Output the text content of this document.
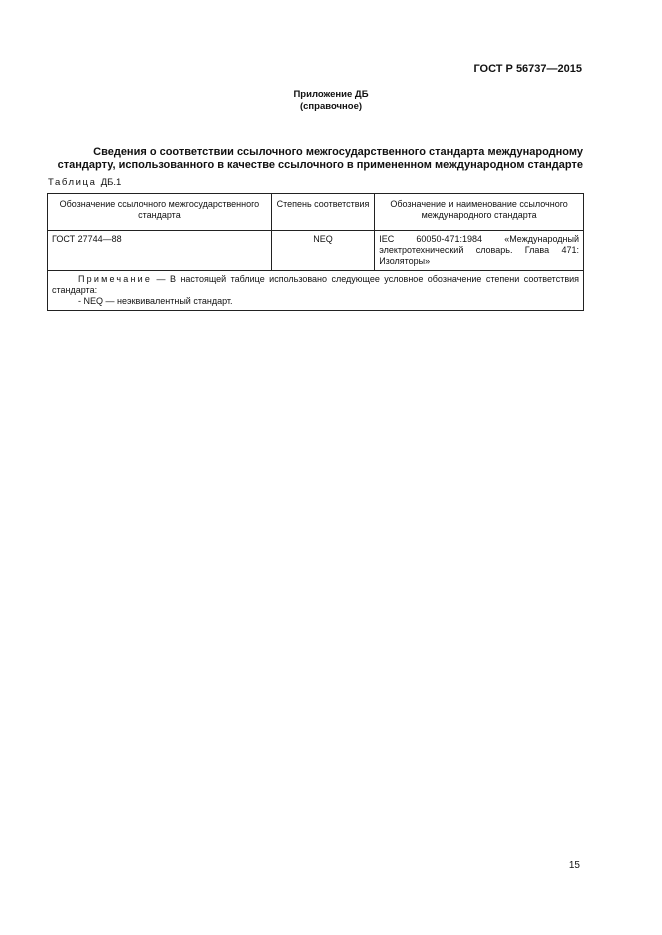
ГОСТ Р 56737—2015
Приложение ДБ
(справочное)
Сведения о соответствии ссылочного межгосударственного стандарта международному стандарту, использованного в качестве ссылочного в примененном международном стандарте
Таблица ДБ.1
Обозначение ссылочного межгосударственного стандарта	Степень соответствия	Обозначение и наименование ссылочного международного стандарта
ГОСТ 27744—88	NEQ	IEC 60050-471:1984 «Международный электротехнический словарь. Глава 471: Изоляторы»
Примечание — В настоящей таблице использовано следующее условное обозначение степени соответствия стандарта:
- NEQ — неэквивалентный стандарт.		
15
